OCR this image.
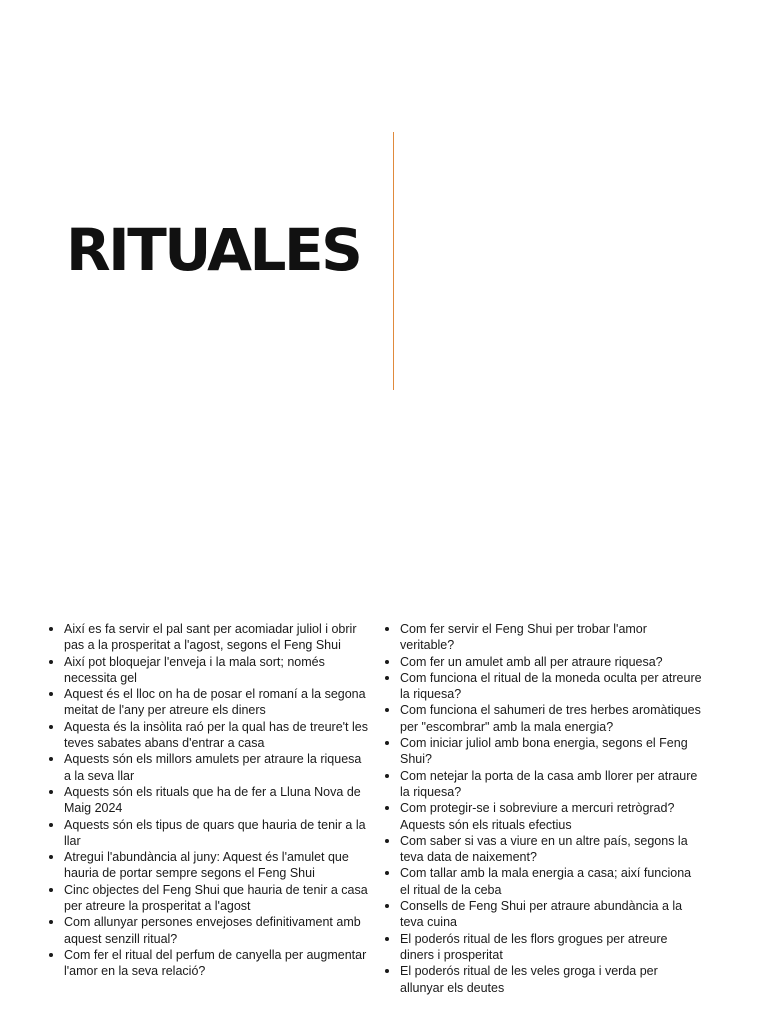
RITUALES
Així es fa servir el pal sant per acomiadar juliol i obrir pas a la prosperitat a l'agost, segons el Feng Shui
Així pot bloquejar l'enveja i la mala sort; només necessita gel
Aquest és el lloc on ha de posar el romaní a la segona meitat de l'any per atreure els diners
Aquesta és la insòlita raó per la qual has de treure't les teves sabates abans d'entrar a casa
Aquests són els millors amulets per atraure la riquesa a la seva llar
Aquests són els rituals que ha de fer a Lluna Nova de Maig 2024
Aquests són els tipus de quars que hauria de tenir a la llar
Atregui l'abundància al juny: Aquest és l'amulet que hauria de portar sempre segons el Feng Shui
Cinc objectes del Feng Shui que hauria de tenir a casa per atreure la prosperitat a l'agost
Com allunyar persones envejoses definitivament amb aquest senzill ritual?
Com fer el ritual del perfum de canyella per augmentar l'amor en la seva relació?
Com fer servir el Feng Shui per trobar l'amor veritable?
Com fer un amulet amb all per atraure riquesa?
Com funciona el ritual de la moneda oculta per atreure la riquesa?
Com funciona el sahumeri de tres herbes aromàtiques per "escombrar" amb la mala energia?
Com iniciar juliol amb bona energia, segons el Feng Shui?
Com netejar la porta de la casa amb llorer per atraure la riquesa?
Com protegir-se i sobreviure a mercuri retrògrad? Aquests són els rituals efectius
Com saber si vas a viure en un altre país, segons la teva data de naixement?
Com tallar amb la mala energia a casa; així funciona el ritual de la ceba
Consells de Feng Shui per atraure abundància a la teva cuina
El poderós ritual de les flors grogues per atreure diners i prosperitat
El poderós ritual de les veles groga i verda per allunyar els deutes
